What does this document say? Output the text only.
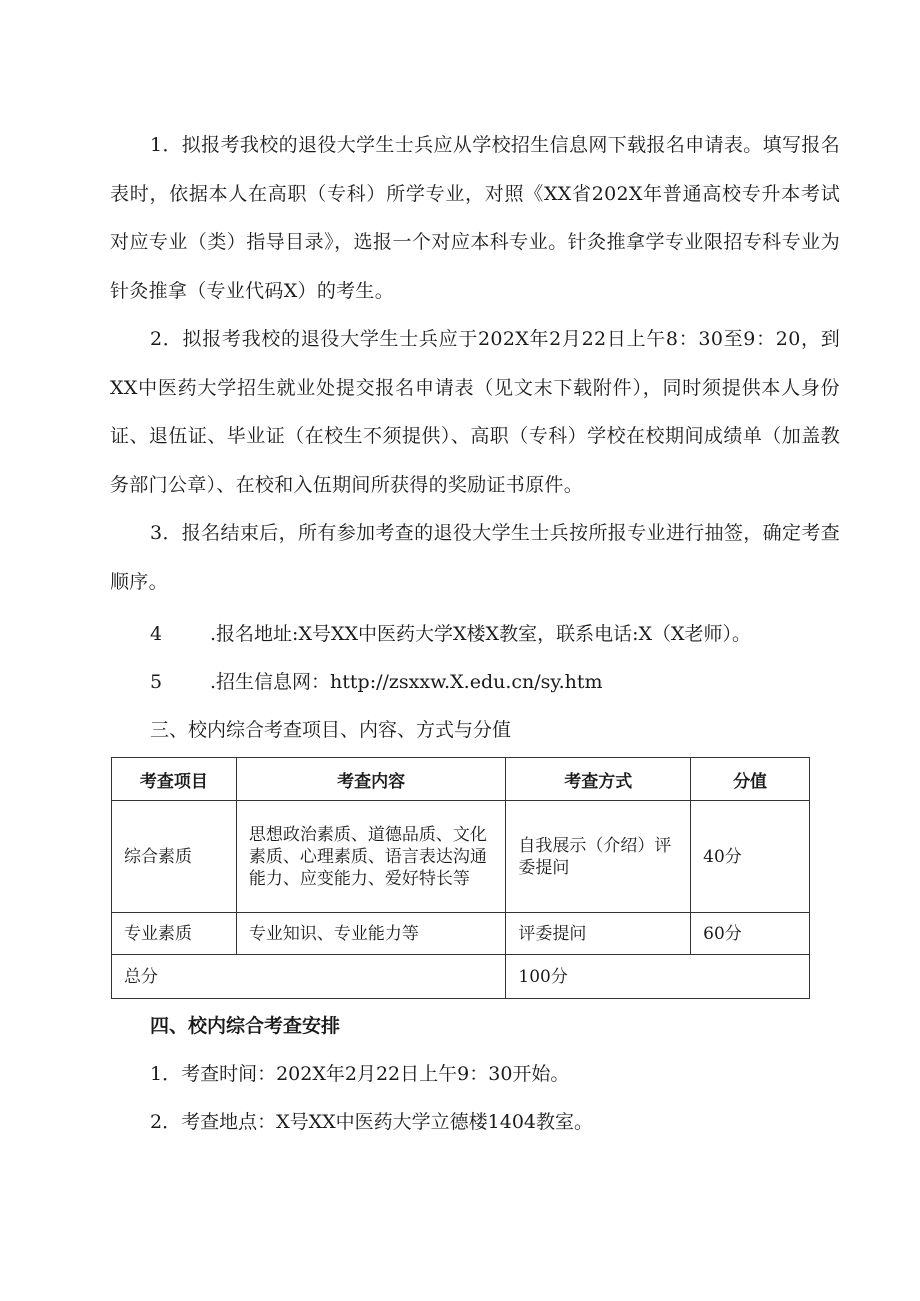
1．拟报考我校的退役大学生士兵应从学校招生信息网下载报名申请表。填写报名表时，依据本人在高职（专科）所学专业，对照《XX省202X年普通高校专升本考试对应专业（类）指导目录》，选报一个对应本科专业。针灸推拿学专业限招专科专业为针灸推拿（专业代码X）的考生。

2．拟报考我校的退役大学生士兵应于202X年2月22日上午8：30至9：20，到XX中医药大学招生就业处提交报名申请表（见文末下载附件），同时须提供本人身份证、退伍证、毕业证（在校生不须提供）、高职（专科）学校在校期间成绩单（加盖教务部门公章）、在校和入伍期间所获得的奖励证书原件。

3．报名结束后，所有参加考查的退役大学生士兵按所报专业进行抽签，确定考查顺序。

4	.报名地址:X号XX中医药大学X楼X教室，联系电话:X（X老师）。

5	.招生信息网：http://zsxxw.X.edu.cn/sy.htm

三、校内综合考查项目、内容、方式与分值

考查项目	考查内容	考查方式	分值
综合素质	思想政治素质、道德品质、文化素质、心理素质、语言表达沟通能力、应变能力、爱好特长等	自我展示（介绍）评委提问	40分
专业素质	专业知识、专业能力等	评委提问	60分
总分		100分	

四、校内综合考查安排

1．考查时间：202X年2月22日上午9：30开始。

2．考查地点：X号XX中医药大学立德楼1404教室。
